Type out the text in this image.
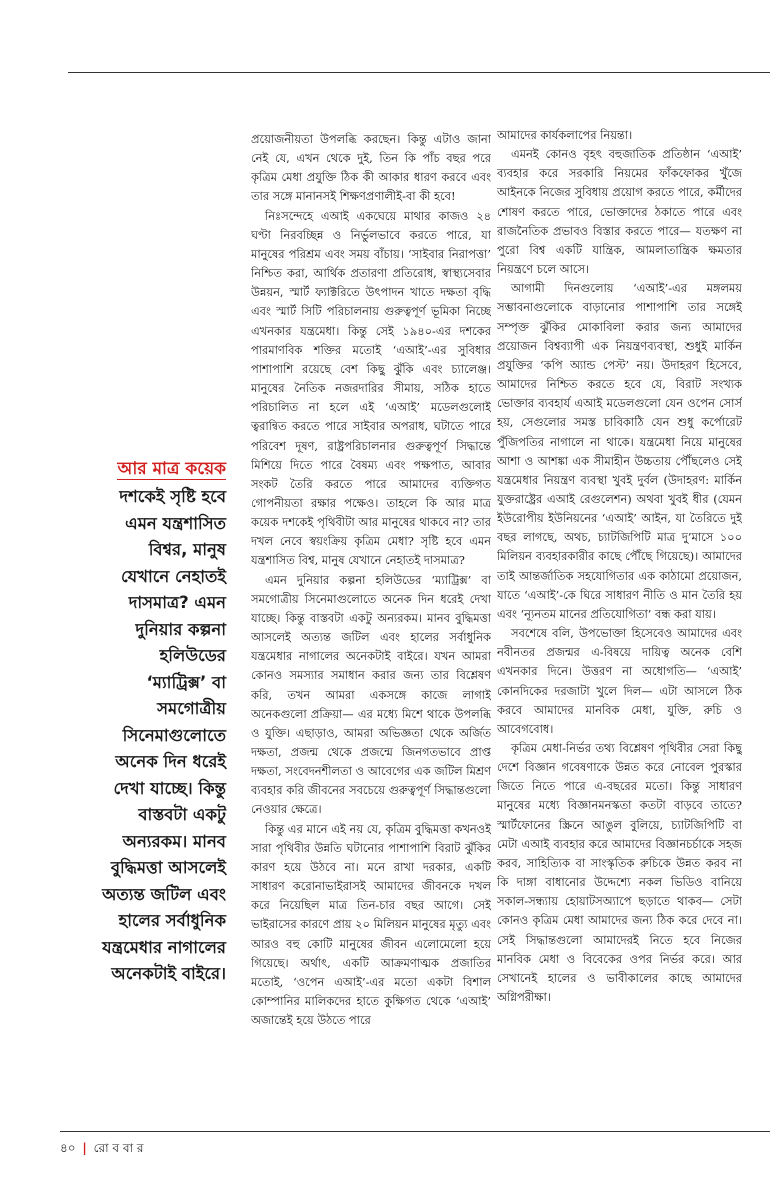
আর মাত্র কয়েক
দশকেই সৃষ্টি হবে এমন যন্ত্রশাসিত বিশ্বর, মানুষ যেখানে নেহাতই দাসমাত্র? এমন দুনিয়ার কল্পনা হলিউডের ‘ম্যাট্রিক্স’ বা সমগোত্রীয় সিনেমাগুলোতে অনেক দিন ধরেই দেখা যাচ্ছে। কিন্তু বাস্তবটা একটু অন্যরকম। মানব বুদ্ধিমত্তা আসলেই অত্যন্ত জটিল এবং হালের সর্বাধুনিক যন্ত্রমেধার নাগালের অনেকটাই বাইরে।

প্রয়োজনীয়তা উপলব্ধি করছেন। কিন্তু এটাও জানা নেই যে, এখন থেকে দুই, তিন কি পাঁচ বছর পরে কৃত্রিম মেধা প্রযুক্তি ঠিক কী আকার ধারণ করবে এবং তার সঙ্গে মানানসই শিক্ষণপ্রণালীই-বা কী হবে!

নিঃসন্দেহে এআই একঘেয়ে মাথার কাজও ২৪ ঘণ্টা নিরবচ্ছিন্ন ও নির্ভুলভাবে করতে পারে, যা মানুষের পরিশ্রম এবং সময় বাঁচায়। ‘সাইবার নিরাপত্তা’ নিশ্চিত করা, আর্থিক প্রতারণা প্রতিরোধ, স্বাস্থ্যসেবার উন্নয়ন, স্মার্ট ফ্যাক্টরিতে উৎপাদন খাতে দক্ষতা বৃদ্ধি এবং স্মার্ট সিটি পরিচালনায় গুরুত্বপূর্ণ ভূমিকা নিচ্ছে এখনকার যন্ত্রমেধা। কিন্তু সেই ১৯৪০-এর দশকের পারমাণবিক শক্তির মতোই ‘এআই’-এর সুবিধার পাশাপাশি রয়েছে বেশ কিছু ঝুঁকি এবং চ্যালেঞ্জ। মানুষের নৈতিক নজরদারির সীমায়, সঠিক হাতে পরিচালিত না হলে এই ‘এআই’ মডেলগুলোই ত্বরান্বিত করতে পারে সাইবার অপরাধ, ঘটাতে পারে পরিবেশ দূষণ, রাষ্ট্রপরিচালনার গুরুত্বপূর্ণ সিদ্ধান্তে মিশিয়ে দিতে পারে বৈষম্য এবং পক্ষপাত, আবার সংকট তৈরি করতে পারে আমাদের ব্যক্তিগত গোপনীয়তা রক্ষার পক্ষেও। তাহলে কি আর মাত্র কয়েক দশকেই পৃথিবীটা আর মানুষের থাকবে না? তার দখল নেবে স্বয়ংক্রিয় কৃত্রিম মেধা? সৃষ্টি হবে এমন যন্ত্রশাসিত বিশ্ব, মানুষ যেখানে নেহাতই দাসমাত্র?

এমন দুনিয়ার কল্পনা হলিউডের ‘ম্যাট্রিক্স’ বা সমগোত্রীয় সিনেমাগুলোতে অনেক দিন ধরেই দেখা যাচ্ছে। কিন্তু বাস্তবটা একটু অন্যরকম। মানব বুদ্ধিমত্তা আসলেই অত্যন্ত জটিল এবং হালের সর্বাধুনিক যন্ত্রমেধার নাগালের অনেকটাই বাইরে। যখন আমরা কোনও সমস্যার সমাধান করার জন্য তার বিশ্লেষণ করি, তখন আমরা একসঙ্গে কাজে লাগাই অনেকগুলো প্রক্রিয়া— এর মধ্যে মিশে থাকে উপলব্ধি ও যুক্তি। এছাড়াও, আমরা অভিজ্ঞতা থেকে অর্জিত দক্ষতা, প্রজন্ম থেকে প্রজন্মে জিনগতভাবে প্রাপ্ত দক্ষতা, সংবেদনশীলতা ও আবেগের এক জটিল মিশ্রণ ব্যবহার করি জীবনের সবচেয়ে গুরুত্বপূর্ণ সিদ্ধান্তগুলো নেওয়ার ক্ষেত্রে।

কিন্তু এর মানে এই নয় যে, কৃত্রিম বুদ্ধিমত্তা কখনওই সারা পৃথিবীর উন্নতি ঘটানোর পাশাপাশি বিরাট ঝুঁকির কারণ হয়ে উঠবে না। মনে রাখা দরকার, একটি সাধারণ করোনাভাইরাসই আমাদের জীবনকে দখল করে নিয়েছিল মাত্র তিন-চার বছর আগে। সেই ভাইরাসের কারণে প্রায় ২০ মিলিয়ন মানুষের মৃত্যু এবং আরও বহু কোটি মানুষের জীবন এলোমেলো হয়ে গিয়েছে। অর্থাৎ, একটি আক্রমণাত্মক প্রজাতির মতোই, ‘ওপেন এআই’-এর মতো একটা বিশাল কোম্পানির মালিকদের হাতে কুক্ষিগত থেকে ‘এআই’ অজান্তেই হয়ে উঠতে পারে

আমাদের কার্যকলাপের নিয়ন্তা।

এমনই কোনও বৃহৎ বহুজাতিক প্রতিষ্ঠান ‘এআই’ ব্যবহার করে সরকারি নিয়মের ফাঁকফোকর খুঁজে আইনকে নিজের সুবিধায় প্রয়োগ করতে পারে, কর্মীদের শোষণ করতে পারে, ভোক্তাদের ঠকাতে পারে এবং রাজনৈতিক প্রভাবও বিস্তার করতে পারে— যতক্ষণ না পুরো বিশ্ব একটি যান্ত্রিক, আমলাতান্ত্রিক ক্ষমতার নিয়ন্ত্রণে চলে আসে।

আগামী দিনগুলোয় ‘এআই’-এর মঙ্গলময় সম্ভাবনাগুলোকে বাড়ানোর পাশাপাশি তার সঙ্গেই সম্পৃক্ত ঝুঁকির মোকাবিলা করার জন্য আমাদের প্রয়োজন বিশ্বব্যাপী এক নিয়ন্ত্রণব্যবস্থা, শুধুই মার্কিন প্রযুক্তির ‘কপি অ্যান্ড পেস্ট’ নয়। উদাহরণ হিসেবে, আমাদের নিশ্চিত করতে হবে যে, বিরাট সংখ্যক ভোক্তার ব্যবহার্য এআই মডেলগুলো যেন ওপেন সোর্স হয়, সেগুলোর সমস্ত চাবিকাঠি যেন শুধু কর্পোরেট পুঁজিপতির নাগালে না থাকে। যন্ত্রমেধা নিয়ে মানুষের আশা ও আশঙ্কা এক সীমাহীন উচ্চতায় পৌঁছলেও সেই যন্ত্রমেধার নিয়ন্ত্রণ ব্যবস্থা খুবই দুর্বল (উদাহরণ: মার্কিন যুক্তরাষ্ট্রের এআই রেগুলেশন) অথবা খুবই ধীর (যেমন ইউরোপীয় ইউনিয়নের ‘এআই’ আইন, যা তৈরিতে দুই বছর লাগছে, অথচ, চ্যাটজিপিটি মাত্র দু’মাসে ১০০ মিলিয়ন ব্যবহারকারীর কাছে পৌঁছে গিয়েছে)। আমাদের তাই আন্তর্জাতিক সহযোগিতার এক কাঠামো প্রয়োজন, যাতে ‘এআই’-কে ঘিরে সাধারণ নীতি ও মান তৈরি হয় এবং ‘ন্যূনতম মানের প্রতিযোগিতা’ বন্ধ করা যায়।

সবশেষে বলি, উপভোক্তা হিসেবেও আমাদের এবং নবীনতর প্রজন্মর এ-বিষয়ে দায়িত্ব অনেক বেশি এখনকার দিনে। উত্তরণ না অধোগতি— ‘এআই’ কোনদিকের দরজাটা খুলে দিল— এটা আসলে ঠিক করবে আমাদের মানবিক মেধা, যুক্তি, রুচি ও আবেগবোধ।

কৃত্রিম মেধা-নির্ভর তথ্য বিশ্লেষণ পৃথিবীর সেরা কিছু দেশে বিজ্ঞান গবেষণাকে উন্নত করে নোবেল পুরস্কার জিতে নিতে পারে এ-বছরের মতো। কিন্তু সাধারণ মানুষের মধ্যে বিজ্ঞানমনস্কতা কতটা বাড়বে তাতে? স্মার্টফোনের স্ক্রিনে আঙুল বুলিয়ে, চ্যাটজিপিটি বা মেটা এআই ব্যবহার করে আমাদের বিজ্ঞানচর্চাকে সহজ করব, সাহিত্যিক বা সাংস্কৃতিক রুচিকে উন্নত করব না কি দাঙ্গা বাধানোর উদ্দেশ্যে নকল ভিডিও বানিয়ে সকাল-সন্ধ্যায় হোয়াটসঅ্যাপে ছড়াতে থাকব— সেটা কোনও কৃত্রিম মেধা আমাদের জন্য ঠিক করে দেবে না। সেই সিদ্ধান্তগুলো আমাদেরই নিতে হবে নিজের মানবিক মেধা ও বিবেকের ওপর নির্ভর করে। আর সেখানেই হালের ও ভাবীকালের কাছে আমাদের অগ্নিপরীক্ষা।

৪০ | রো ব বা র
